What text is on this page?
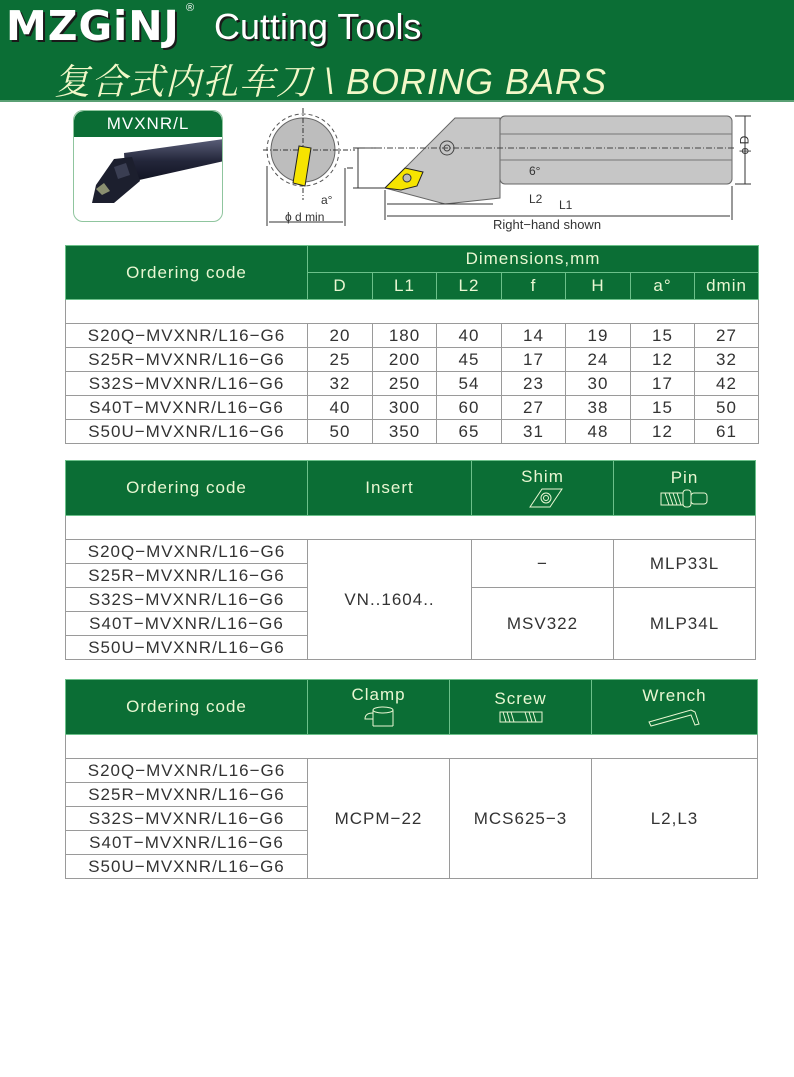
MZGiNJ ® Cutting Tools
复合式内孔车刀 \ BORING BARS
MVXNR/L
a°
ϕ d min
6°
L2 L1
ϕ D
Right−hand shown
Ordering code	Dimensions,mm						
	D	L1	L2	f	H	a°	dmin

S20Q−MVXNR/L16−G6	20	180	40	14	19	15	27
S25R−MVXNR/L16−G6	25	200	45	17	24	12	32
S32S−MVXNR/L16−G6	32	250	54	23	30	17	42
S40T−MVXNR/L16−G6	40	300	60	27	38	15	50
S50U−MVXNR/L16−G6	50	350	65	31	48	12	61
Ordering code	Insert	Shim	Pin

S20Q−MVXNR/L16−G6	VN..1604..	−	MLP33L
S25R−MVXNR/L16−G6			
S32S−MVXNR/L16−G6		MSV322	MLP34L
S40T−MVXNR/L16−G6			
S50U−MVXNR/L16−G6			
Ordering code	Clamp	Screw	Wrench

S20Q−MVXNR/L16−G6	MCPM−22	MCS625−3	L2,L3
S25R−MVXNR/L16−G6			
S32S−MVXNR/L16−G6			
S40T−MVXNR/L16−G6			
S50U−MVXNR/L16−G6			
